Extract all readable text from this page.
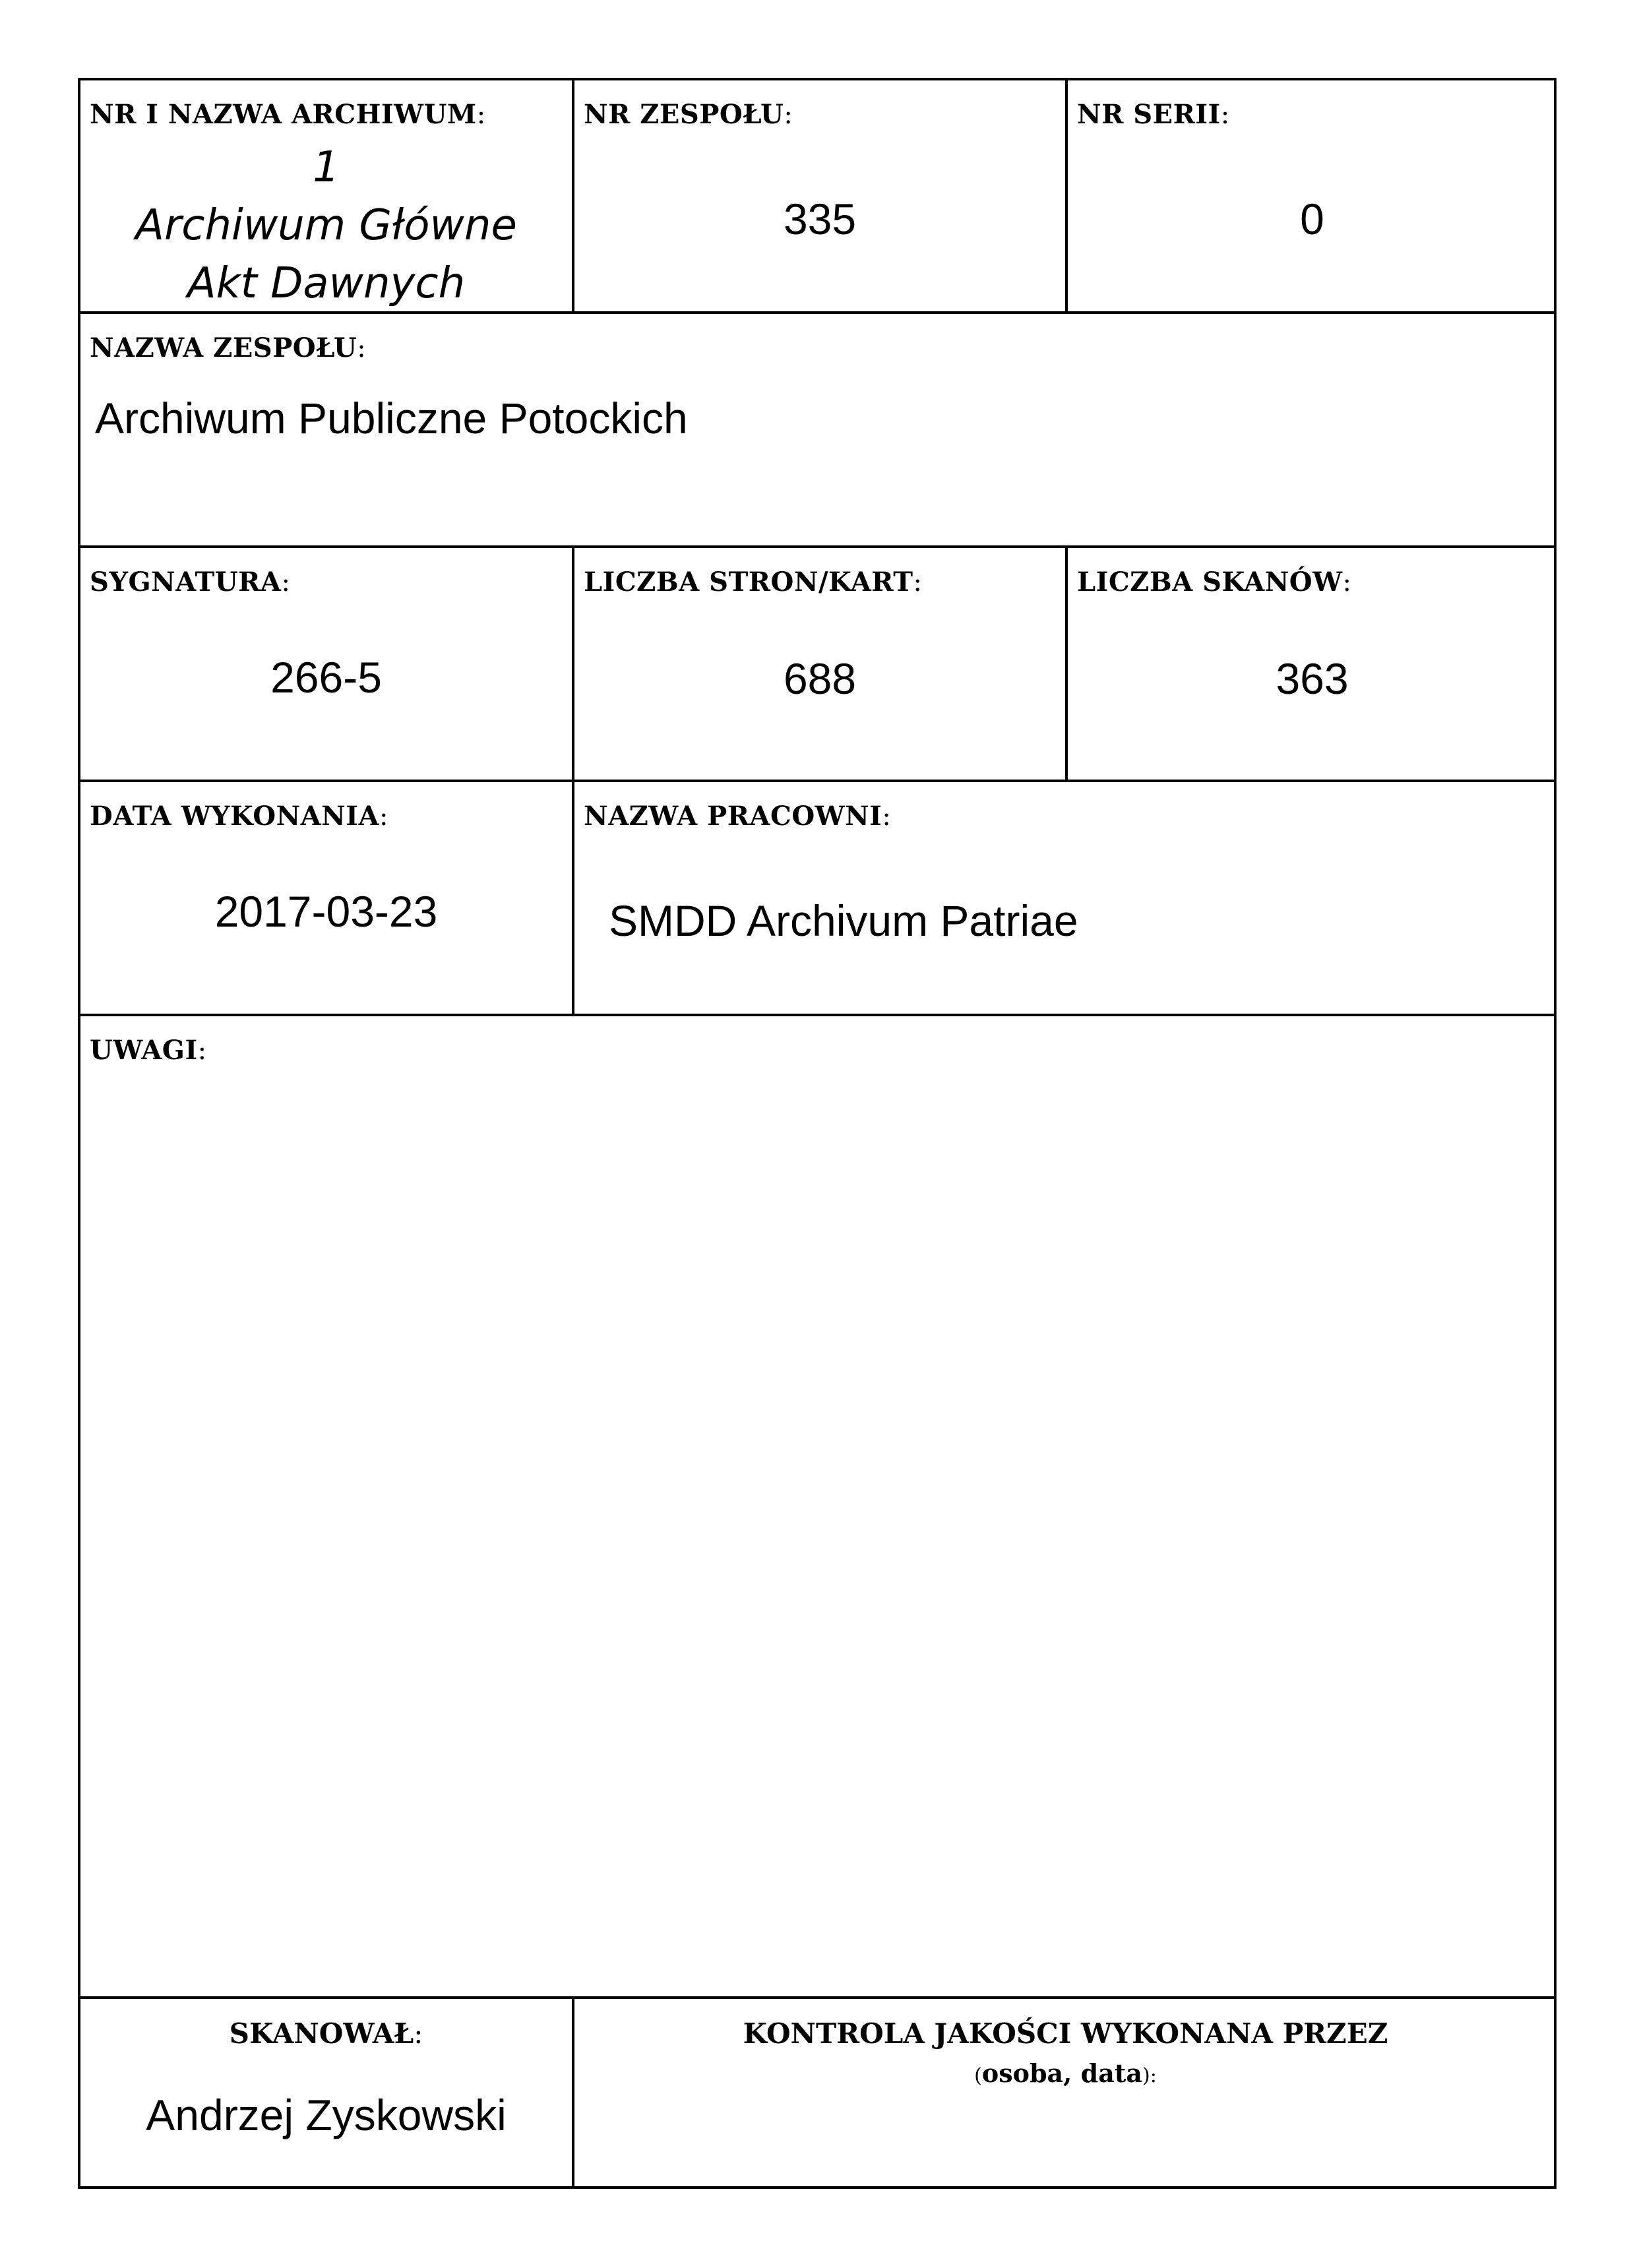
NR I NAZWA ARCHIWUM:
1
Archiwum Główne
Akt Dawnych
NR ZESPOŁU:
335
NR SERII:
0
NAZWA ZESPOŁU:
Archiwum Publiczne Potockich
SYGNATURA:
266-5
LICZBA STRON/KART:
688
LICZBA SKANÓW:
363
DATA WYKONANIA:
2017-03-23
NAZWA PRACOWNI:
SMDD Archivum Patriae
UWAGI:
SKANOWAŁ:
Andrzej Zyskowski
KONTROLA JAKOŚCI WYKONANA PRZEZ
(osoba, data):
